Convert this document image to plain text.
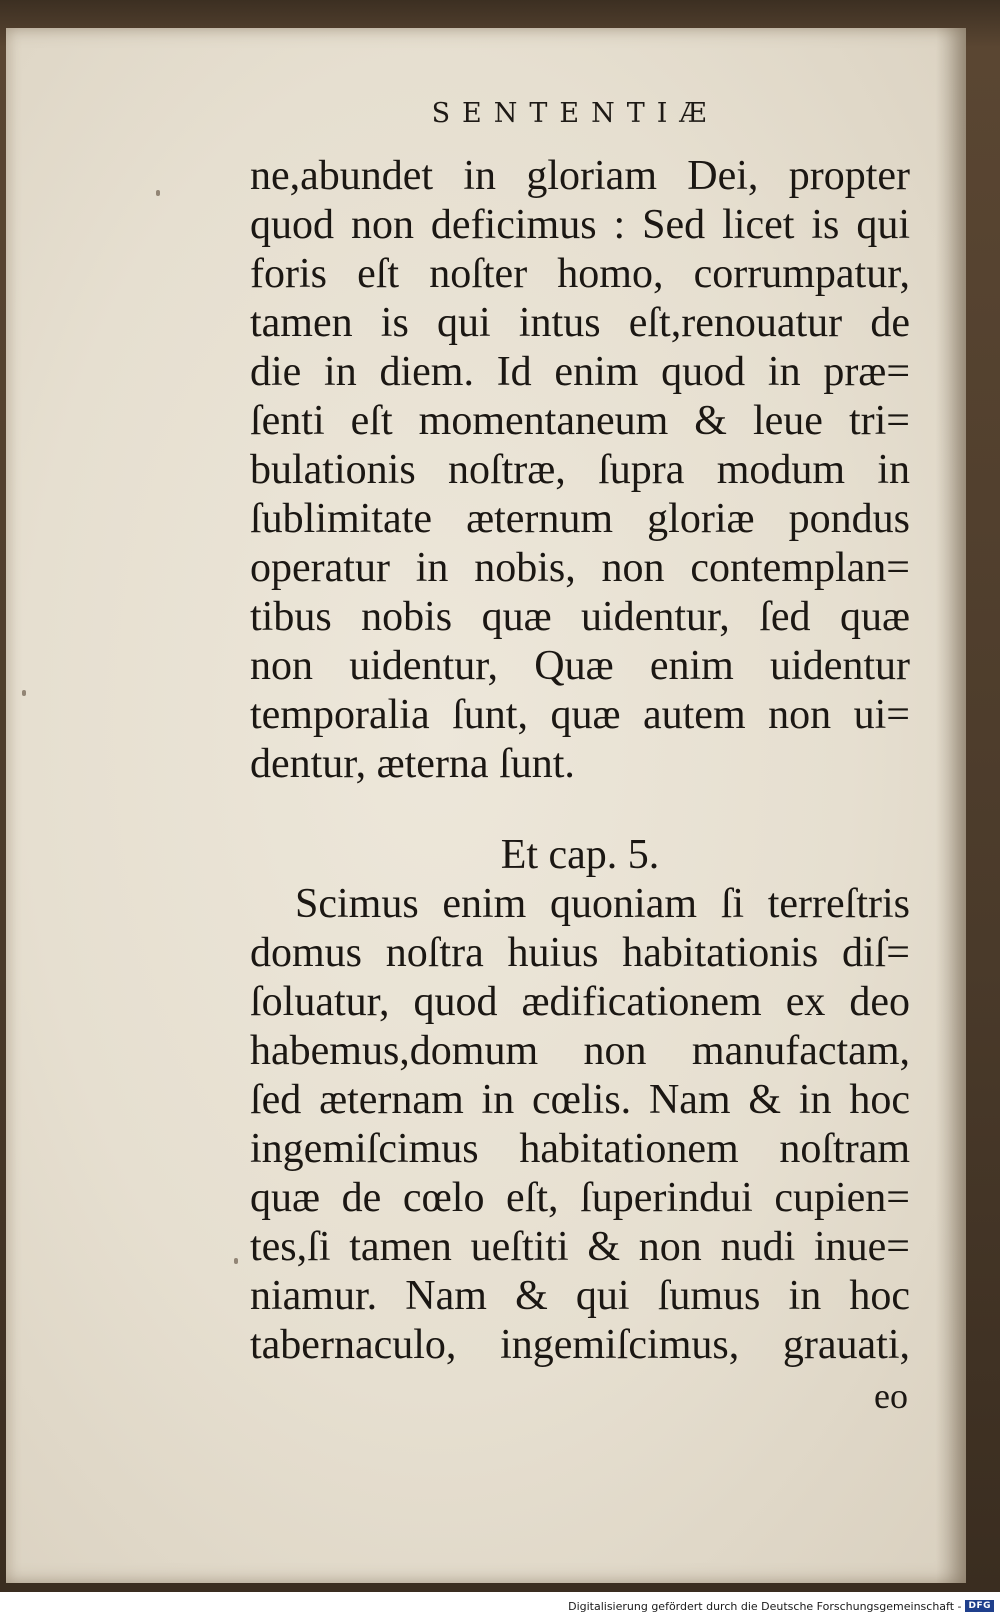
SENTENTIÆ
ne,abundet in gloriam Dei, propter
quod non deficimus : Sed licet is qui
foris eſt noſter homo, corrumpatur,
tamen is qui intus eſt,renouatur de
die in diem. Id enim quod in præ=
ſenti eſt momentaneum & leue tri=
bulationis noſtræ, ſupra modum in
ſublimitate æternum gloriæ pondus
operatur in nobis, non contemplan=
tibus nobis quæ uidentur, ſed quæ
non uidentur, Quæ enim uidentur
temporalia ſunt, quæ autem non ui=
dentur, æterna ſunt.
Et cap. 5.
Scimus enim quoniam ſi terreſtris
domus noſtra huius habitationis diſ=
ſoluatur, quod ædificationem ex deo
habemus,domum non manufactam,
ſed æternam in cœlis. Nam & in hoc
ingemiſcimus habitationem noſtram
quæ de cœlo eſt, ſuperindui cupien=
tes,ſi tamen ueſtiti & non nudi inue=
niamur. Nam & qui ſumus in hoc
tabernaculo, ingemiſcimus, grauati,
eo
Digitalisierung gefördert durch die Deutsche Forschungsgemeinschaft - DFG
